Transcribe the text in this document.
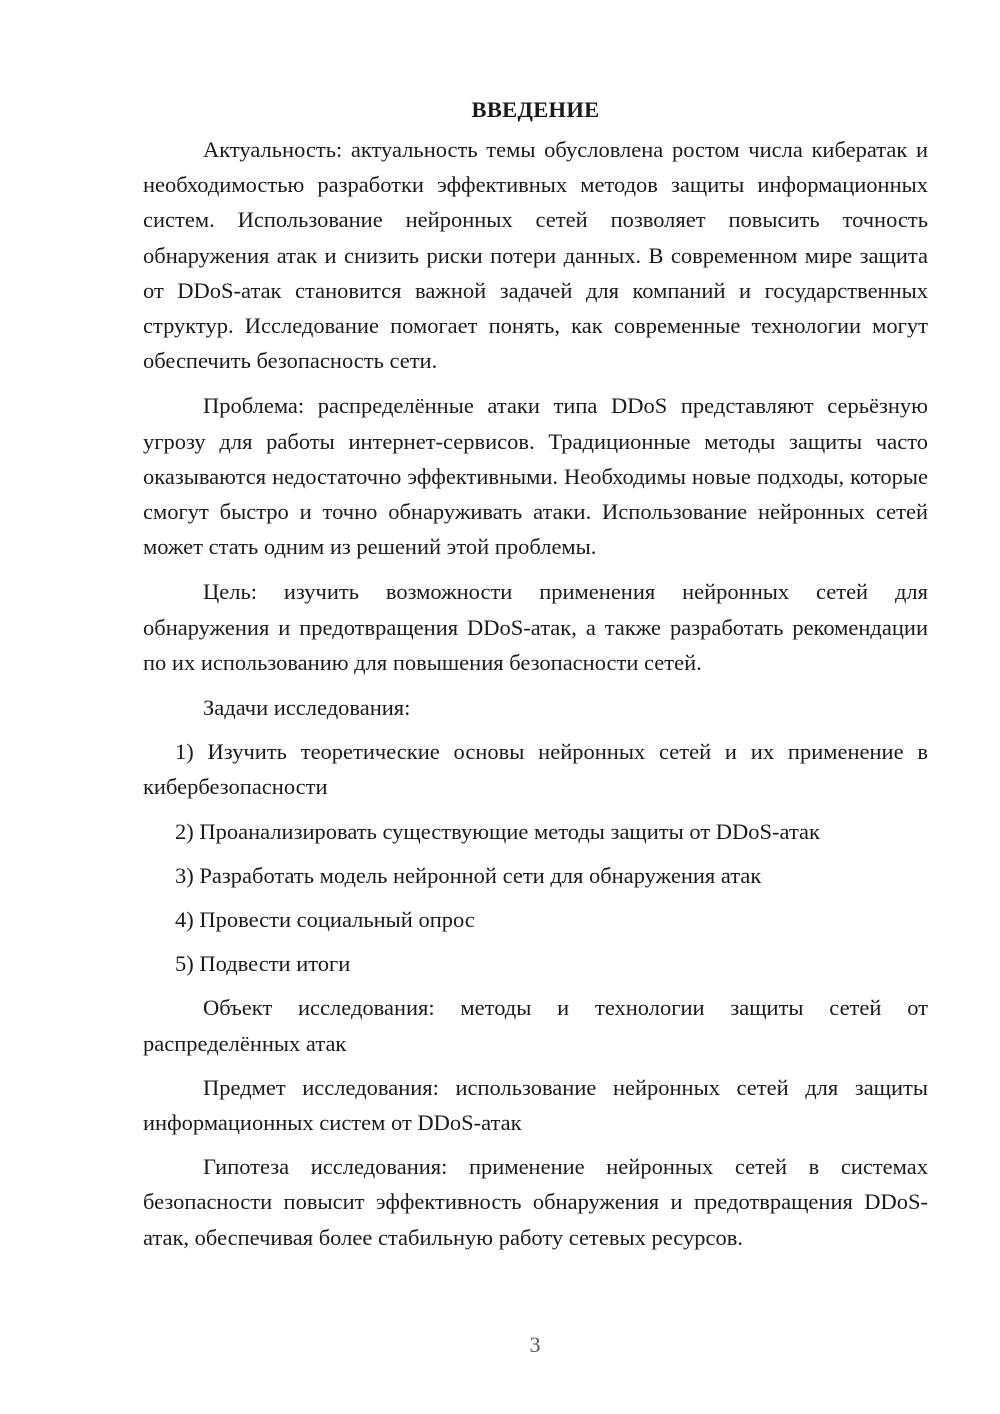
ВВЕДЕНИЕ

Актуальность: актуальность темы обусловлена ростом числа кибератак и необходимостью разработки эффективных методов защиты информационных систем. Использование нейронных сетей позволяет повысить точность обнаружения атак и снизить риски потери данных. В современном мире защита от DDoS-атак становится важной задачей для компаний и государственных структур. Исследование помогает понять, как современные технологии могут обеспечить безопасность сети.

Проблема: распределённые атаки типа DDoS представляют серьёзную угрозу для работы интернет-сервисов. Традиционные методы защиты часто оказываются недостаточно эффективными. Необходимы новые подходы, которые смогут быстро и точно обнаруживать атаки. Использование нейронных сетей может стать одним из решений этой проблемы.

Цель: изучить возможности применения нейронных сетей для обнаружения и предотвращения DDoS-атак, а также разработать рекомендации по их использованию для повышения безопасности сетей.

Задачи исследования:

1) Изучить теоретические основы нейронных сетей и их применение в кибербезопасности

2) Проанализировать существующие методы защиты от DDoS-атак

3) Разработать модель нейронной сети для обнаружения атак

4) Провести социальный опрос

5) Подвести итоги

Объект исследования: методы и технологии защиты сетей от распределённых атак

Предмет исследования: использование нейронных сетей для защиты информационных систем от DDoS-атак

Гипотеза исследования: применение нейронных сетей в системах безопасности повысит эффективность обнаружения и предотвращения DDoS-атак, обеспечивая более стабильную работу сетевых ресурсов.

3
